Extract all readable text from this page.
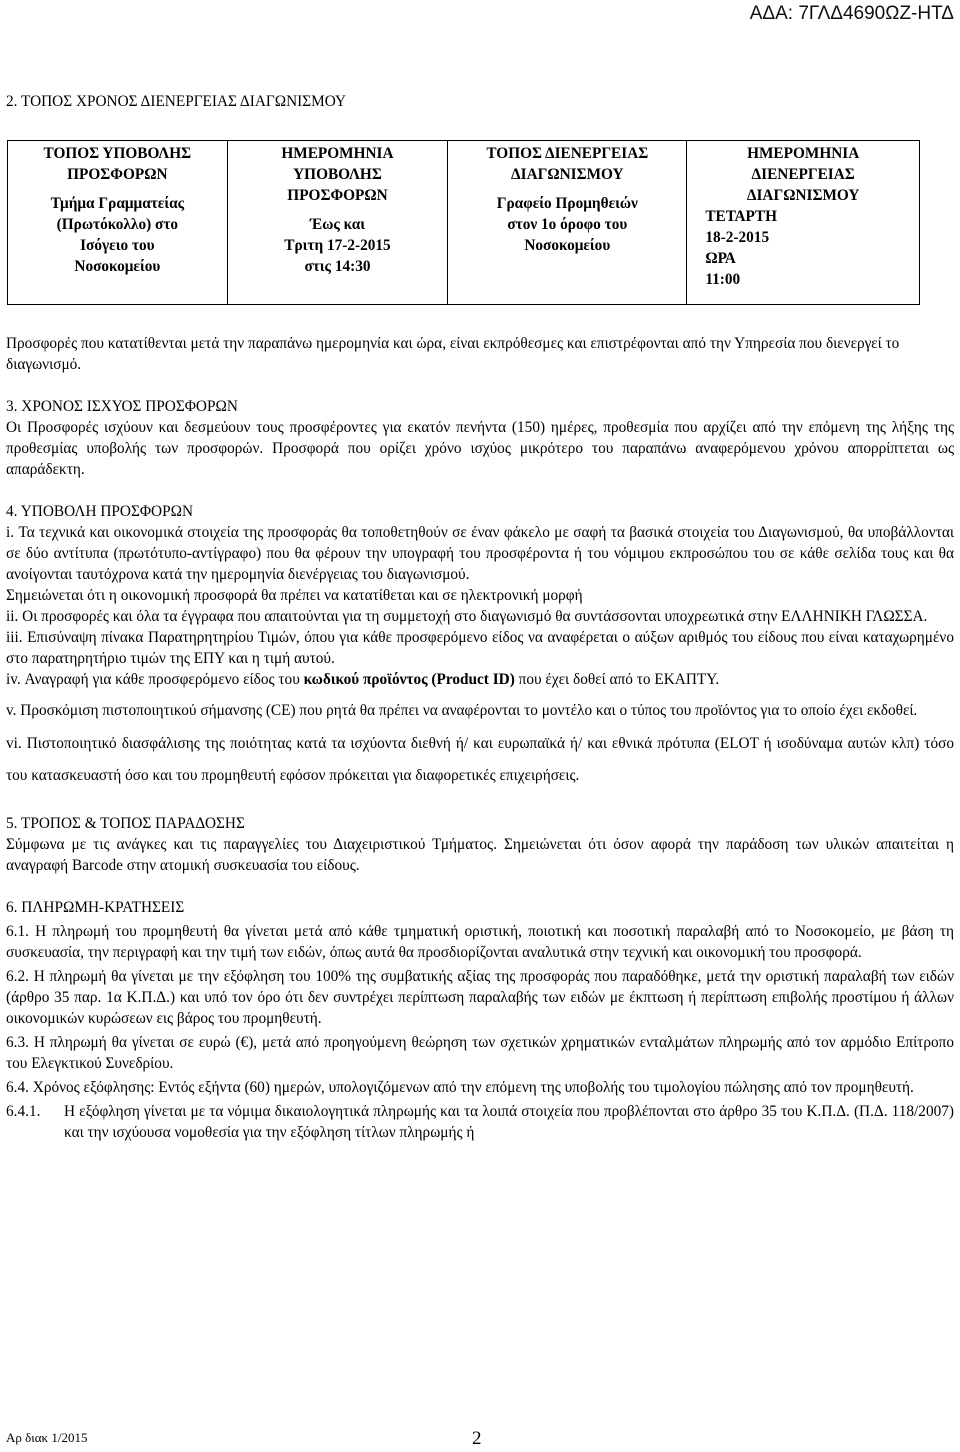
ΑΔΑ: 7ΓΛΔ4690ΩΖ-ΗΤΔ

2. ΤΟΠΟΣ ΧΡΟΝΟΣ ΔΙΕΝΕΡΓΕΙΑΣ ΔΙΑΓΩΝΙΣΜΟΥ

ΤΟΠΟΣ ΥΠΟΒΟΛΗΣ
ΠΡΟΣΦΟΡΩΝ
Τμήμα Γραμματείας
(Πρωτόκολλο) στο
Ισόγειο του
Νοσοκομείου

ΗΜΕΡΟΜΗΝΙΑ
ΥΠΟΒΟΛΗΣ
ΠΡΟΣΦΟΡΩΝ
Έως και
Τριτη 17-2-2015
στις 14:30

ΤΟΠΟΣ ΔΙΕΝΕΡΓΕΙΑΣ
ΔΙΑΓΩΝΙΣΜΟΥ
Γραφείο Προμηθειών
στον 1ο όροφο του
Νοσοκομείου

ΗΜΕΡΟΜΗΝΙΑ
ΔΙΕΝΕΡΓΕΙΑΣ
ΔΙΑΓΩΝΙΣΜΟΥ
ΤΕΤΑΡΤΗ
18-2-2015
ΩΡΑ
11:00

Προσφορές που κατατίθενται μετά την παραπάνω ημερομηνία και ώρα, είναι εκπρόθεσμες και επιστρέφονται από την Υπηρεσία που διενεργεί το διαγωνισμό.

3. ΧΡΟΝΟΣ ΙΣΧΥΟΣ ΠΡΟΣΦΟΡΩΝ

Οι Προσφορές ισχύουν και δεσμεύουν τους προσφέροντες για εκατόν πενήντα (150) ημέρες, προθεσμία που αρχίζει από την επόμενη της λήξης της προθεσμίας υποβολής των προσφορών. Προσφορά που ορίζει χρόνο ισχύος μικρότερο του παραπάνω αναφερόμενου χρόνου απορρίπτεται ως απαράδεκτη.

4. ΥΠΟΒΟΛΗ ΠΡΟΣΦΟΡΩΝ

i. Τα τεχνικά και οικονομικά στοιχεία της προσφοράς θα τοποθετηθούν σε έναν φάκελο με σαφή τα βασικά στοιχεία του Διαγωνισμού, θα υποβάλλονται σε δύο αντίτυπα (πρωτότυπο-αντίγραφο) που θα φέρουν την υπογραφή του προσφέροντα ή του νόμιμου εκπροσώπου του σε κάθε σελίδα τους και θα ανοίγονται ταυτόχρονα κατά την ημερομηνία διενέργειας του διαγωνισμού.

Σημειώνεται ότι η οικονομική προσφορά θα πρέπει να κατατίθεται και σε ηλεκτρονική μορφή

ii. Οι προσφορές και όλα τα έγγραφα που απαιτούνται για τη συμμετοχή στο διαγωνισμό θα συντάσσονται υποχρεωτικά στην ΕΛΛΗΝΙΚΗ ΓΛΩΣΣΑ.

iii. Επισύναψη πίνακα Παρατηρητηρίου Τιμών, όπου για κάθε προσφερόμενο είδος να αναφέρεται ο αύξων αριθμός του είδους που είναι καταχωρημένο στο παρατηρητήριο τιμών της ΕΠΥ και η τιμή αυτού.

iv. Αναγραφή για κάθε προσφερόμενο είδος του κωδικού προϊόντος (Product ID) που έχει δοθεί από το ΕΚΑΠΤΥ.

v. Προσκόμιση πιστοποιητικού σήμανσης (CE) που ρητά θα πρέπει να αναφέρονται το μοντέλο και ο τύπος του προϊόντος για το οποίο έχει εκδοθεί.

vi. Πιστοποιητικό διασφάλισης της ποιότητας κατά τα ισχύοντα διεθνή ή/ και ευρωπαϊκά ή/ και εθνικά πρότυπα (ELOT ή ισοδύναμα αυτών κλπ) τόσο του κατασκευαστή όσο και του προμηθευτή εφόσον πρόκειται για διαφορετικές επιχειρήσεις.

5. ΤΡΟΠΟΣ & ΤΟΠΟΣ ΠΑΡΑΔΟΣΗΣ

Σύμφωνα με τις ανάγκες και τις παραγγελίες του Διαχειριστικού Τμήματος. Σημειώνεται ότι όσον αφορά την παράδοση των υλικών απαιτείται η αναγραφή Barcode στην ατομική συσκευασία του είδους.

6. ΠΛΗΡΩΜΗ-ΚΡΑΤΗΣΕΙΣ

6.1. Η πληρωμή του προμηθευτή θα γίνεται μετά από κάθε τμηματική οριστική, ποιοτική και ποσοτική παραλαβή από το Νοσοκομείο, με βάση τη συσκευασία, την περιγραφή και την τιμή των ειδών, όπως αυτά θα προσδιορίζονται αναλυτικά στην τεχνική και οικονομική του προσφορά.

6.2. Η πληρωμή θα γίνεται με την εξόφληση του 100% της συμβατικής αξίας της προσφοράς που παραδόθηκε, μετά την οριστική παραλαβή των ειδών (άρθρο 35 παρ. 1α Κ.Π.Δ.) και υπό τον όρο ότι δεν συντρέχει περίπτωση παραλαβής των ειδών με έκπτωση ή περίπτωση επιβολής προστίμου ή άλλων οικονομικών κυρώσεων εις βάρος του προμηθευτή.

6.3. Η πληρωμή θα γίνεται σε ευρώ (€), μετά από προηγούμενη θεώρηση των σχετικών χρηματικών ενταλμάτων πληρωμής από τον αρμόδιο Επίτροπο του Ελεγκτικού Συνεδρίου.

6.4. Χρόνος εξόφλησης: Εντός εξήντα (60) ημερών, υπολογιζόμενων από την επόμενη της υποβολής του τιμολογίου πώλησης από τον προμηθευτή.

6.4.1.	Η εξόφληση γίνεται με τα νόμιμα δικαιολογητικά πληρωμής και τα λοιπά στοιχεία που προβλέπονται στο άρθρο 35 του Κ.Π.Δ. (Π.Δ. 118/2007) και την ισχύουσα νομοθεσία για την εξόφληση τίτλων πληρωμής ή

Αρ διακ 1/2015	2
